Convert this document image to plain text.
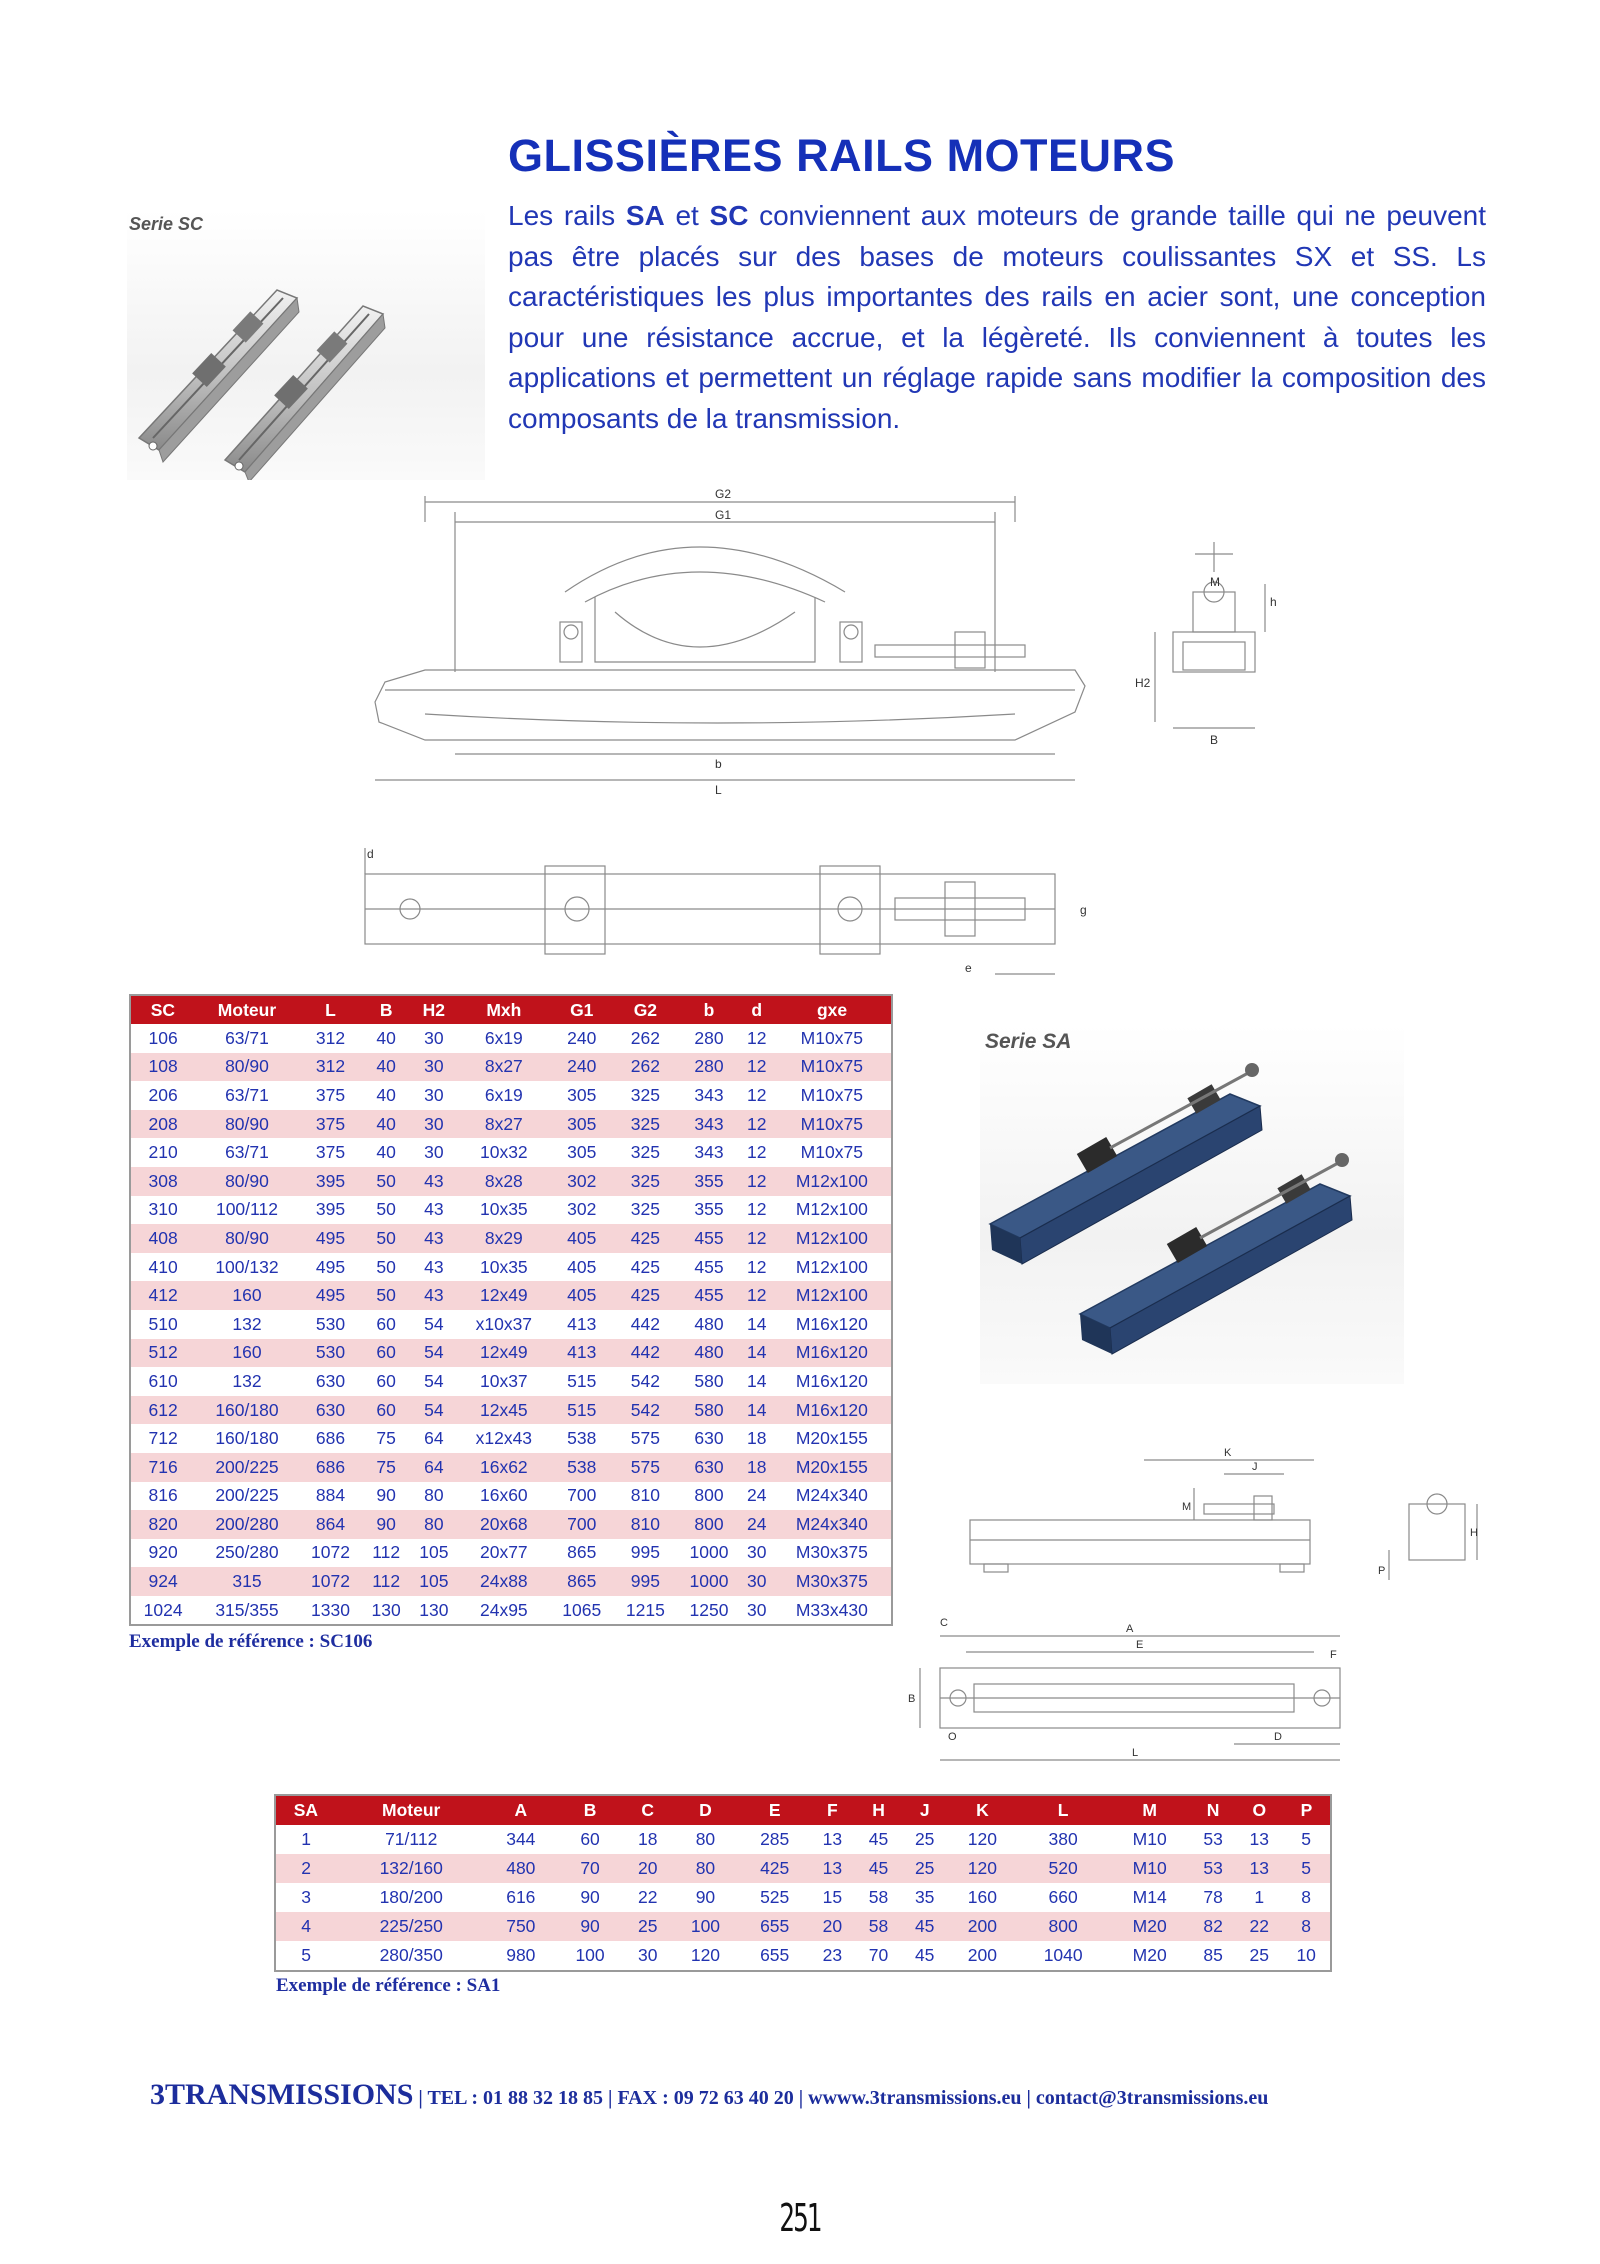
GLISSIÈRES RAILS MOTEURS

Les rails SA et SC conviennent aux moteurs de grande taille qui ne peuvent pas être placés sur des bases de moteurs coulissantes SX et SS. Ls caractéristiques les plus importantes des rails en acier sont, une conception pour une résistance accrue, et la légèreté. Ils conviennent à toutes les applications et permettent un réglage rapide sans modifier la composition des composants de la transmission.

Serie SC
G2
G1
b
L
M
h
H2
B
d
g
e
SC	Moteur	L	B	H2	Mxh	G1	G2	b	d	gxe
106	63/71	312	40	30	6x19	240	262	280	12	M10x75
108	80/90	312	40	30	8x27	240	262	280	12	M10x75
206	63/71	375	40	30	6x19	305	325	343	12	M10x75
208	80/90	375	40	30	8x27	305	325	343	12	M10x75
210	63/71	375	40	30	10x32	305	325	343	12	M10x75
308	80/90	395	50	43	8x28	302	325	355	12	M12x100
310	100/112	395	50	43	10x35	302	325	355	12	M12x100
408	80/90	495	50	43	8x29	405	425	455	12	M12x100
410	100/132	495	50	43	10x35	405	425	455	12	M12x100
412	160	495	50	43	12x49	405	425	455	12	M12x100
510	132	530	60	54	x10x37	413	442	480	14	M16x120
512	160	530	60	54	12x49	413	442	480	14	M16x120
610	132	630	60	54	10x37	515	542	580	14	M16x120
612	160/180	630	60	54	12x45	515	542	580	14	M16x120
712	160/180	686	75	64	x12x43	538	575	630	18	M20x155
716	200/225	686	75	64	16x62	538	575	630	18	M20x155
816	200/225	884	90	80	16x60	700	810	800	24	M24x340
820	200/280	864	90	80	20x68	700	810	800	24	M24x340
920	250/280	1072	112	105	20x77	865	995	1000	30	M30x375
924	315	1072	112	105	24x88	865	995	1000	30	M30x375
1024	315/355	1330	130	130	24x95	1065	1215	1250	30	M33x430
Exemple de référence : SC106
Serie SA
K
J
M
H
P
A
E
C
F
B
O	D
L
SA	Moteur	A	B	C	D	E	F	H	J	K	L	M	N	O	P
1	71/112	344	60	18	80	285	13	45	25	120	380	M10	53	13	5
2	132/160	480	70	20	80	425	13	45	25	120	520	M10	53	13	5
3	180/200	616	90	22	90	525	15	58	35	160	660	M14	78	1	8
4	225/250	750	90	25	100	655	20	58	45	200	800	M20	82	22	8
5	280/350	980	100	30	120	655	23	70	45	200	1040	M20	85	25	10
Exemple de référence : SA1
3TRANSMISSIONS | TEL : 01 88 32 18 85 | FAX : 09 72 63 40 20 | wwww.3transmissions.eu | contact@3transmissions.eu
251
